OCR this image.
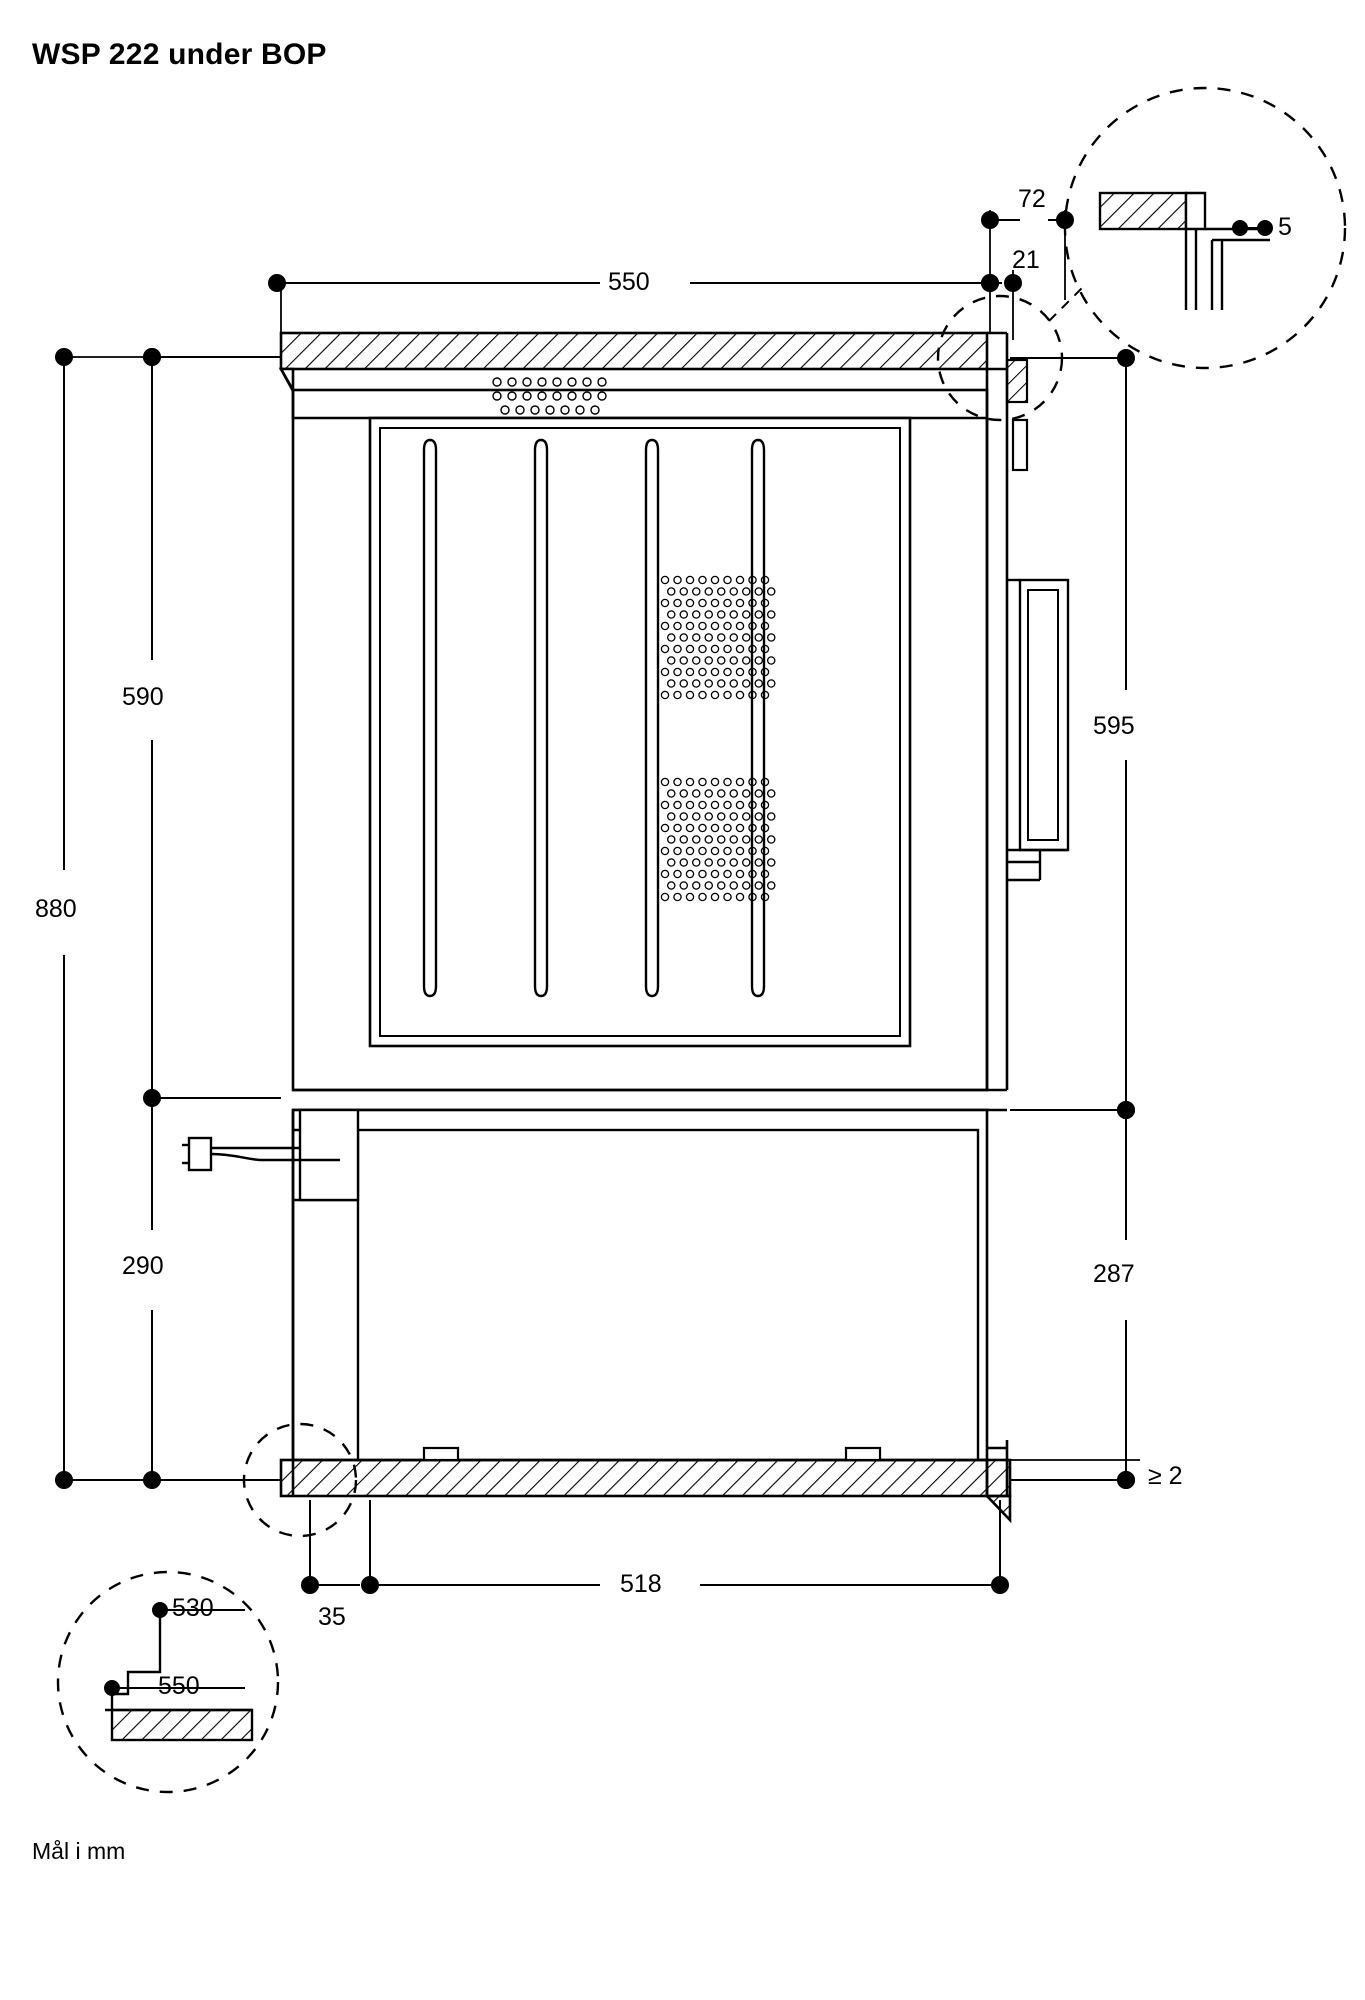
WSP 222 under BOP
550
72
21
5
590
880
290
595
287
≥ 2
518
35
530
550
Mål i mm
